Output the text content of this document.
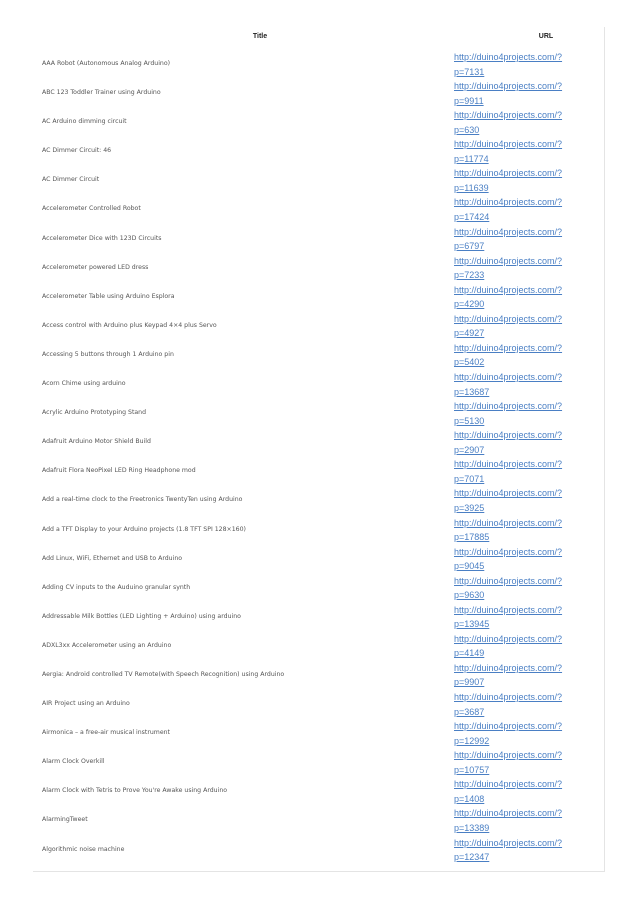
Title	URL
AAA Robot (Autonomous Analog Arduino)
http://duino4projects.com/?
p=7131
ABC 123 Toddler Trainer using Arduino
http://duino4projects.com/?
p=9911
AC Arduino dimming circuit
http://duino4projects.com/?
p=630
AC Dimmer Circuit: 46
http://duino4projects.com/?
p=11774
AC Dimmer Circuit
http://duino4projects.com/?
p=11639
Accelerometer Controlled Robot
http://duino4projects.com/?
p=17424
Accelerometer Dice with 123D Circuits
http://duino4projects.com/?
p=6797
Accelerometer powered LED dress
http://duino4projects.com/?
p=7233
Accelerometer Table using Arduino Esplora
http://duino4projects.com/?
p=4290
Access control with Arduino plus Keypad 4×4 plus Servo
http://duino4projects.com/?
p=4927
Accessing 5 buttons through 1 Arduino pin
http://duino4projects.com/?
p=5402
Acorn Chime using arduino
http://duino4projects.com/?
p=13687
Acrylic Arduino Prototyping Stand
http://duino4projects.com/?
p=5130
Adafruit Arduino Motor Shield Build
http://duino4projects.com/?
p=2907
Adafruit Flora NeoPixel LED Ring Headphone mod
http://duino4projects.com/?
p=7071
Add a real-time clock to the Freetronics TwentyTen using Arduino
http://duino4projects.com/?
p=3925
Add a TFT Display to your Arduino projects (1.8 TFT SPI 128×160)
http://duino4projects.com/?
p=17885
Add Linux, WiFi, Ethernet and USB to Arduino
http://duino4projects.com/?
p=9045
Adding CV inputs to the Auduino granular synth
http://duino4projects.com/?
p=9630
Addressable Milk Bottles (LED Lighting + Arduino) using arduino
http://duino4projects.com/?
p=13945
ADXL3xx Accelerometer using an Arduino
http://duino4projects.com/?
p=4149
Aergia: Android controlled TV Remote(with Speech Recognition) using Arduino
http://duino4projects.com/?
p=9907
AIR Project using an Arduino
http://duino4projects.com/?
p=3687
Airmonica – a free-air musical instrument
http://duino4projects.com/?
p=12992
Alarm Clock Overkill
http://duino4projects.com/?
p=10757
Alarm Clock with Tetris to Prove You're Awake using Arduino
http://duino4projects.com/?
p=1408
AlarmingTweet
http://duino4projects.com/?
p=13389
Algorithmic noise machine
http://duino4projects.com/?
p=12347
